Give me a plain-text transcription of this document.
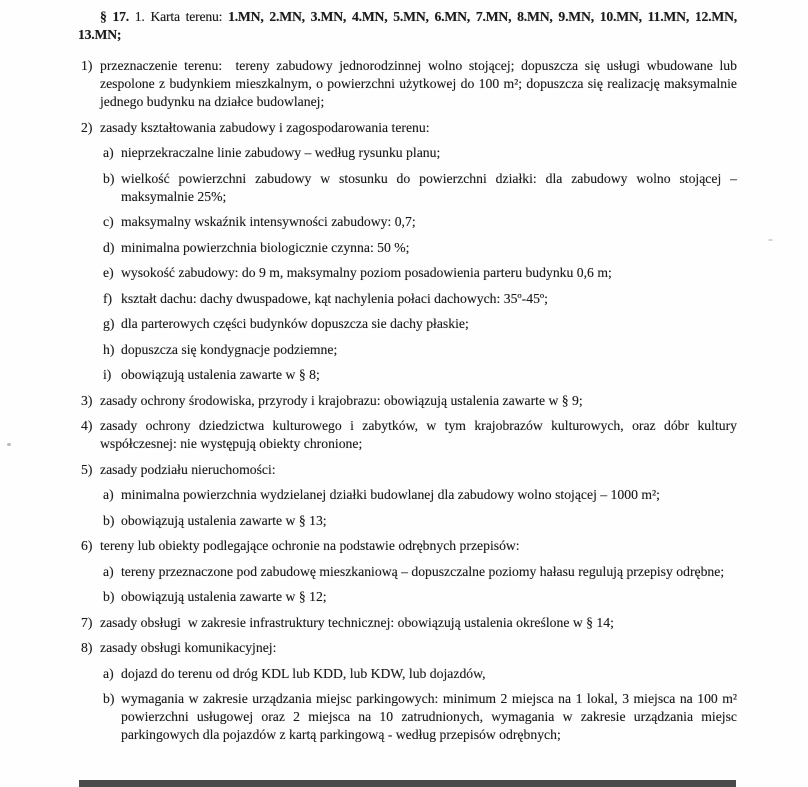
§ 17. 1. Karta terenu: 1.MN, 2.MN, 3.MN, 4.MN, 5.MN, 6.MN, 7.MN, 8.MN, 9.MN, 10.MN, 11.MN, 12.MN, 13.MN;

1) przeznaczenie terenu:  tereny zabudowy jednorodzinnej wolno stojącej; dopuszcza się usługi wbudowane lub zespolone z budynkiem mieszkalnym, o powierzchni użytkowej do 100 m²; dopuszcza się realizację maksymalnie jednego budynku na działce budowlanej;
2) zasady kształtowania zabudowy i zagospodarowania terenu:
a) nieprzekraczalne linie zabudowy – według rysunku planu;
b) wielkość powierzchni zabudowy w stosunku do powierzchni działki: dla zabudowy wolno stojącej – maksymalnie 25%;
c) maksymalny wskaźnik intensywności zabudowy: 0,7;
d) minimalna powierzchnia biologicznie czynna: 50 %;
e) wysokość zabudowy: do 9 m, maksymalny poziom posadowienia parteru budynku 0,6 m;
f) kształt dachu: dachy dwuspadowe, kąt nachylenia połaci dachowych: 35º-45º;
g) dla parterowych części budynków dopuszcza sie dachy płaskie;
h) dopuszcza się kondygnacje podziemne;
i) obowiązują ustalenia zawarte w § 8;
3) zasady ochrony środowiska, przyrody i krajobrazu: obowiązują ustalenia zawarte w § 9;
4) zasady ochrony dziedzictwa kulturowego i zabytków, w tym krajobrazów kulturowych, oraz dóbr kultury współczesnej: nie występują obiekty chronione;
5) zasady podziału nieruchomości:
a) minimalna powierzchnia wydzielanej działki budowlanej dla zabudowy wolno stojącej – 1000 m²;
b) obowiązują ustalenia zawarte w § 13;
6) tereny lub obiekty podlegające ochronie na podstawie odrębnych przepisów:
a) tereny przeznaczone pod zabudowę mieszkaniową – dopuszczalne poziomy hałasu regulują przepisy odrębne;
b) obowiązują ustalenia zawarte w § 12;
7) zasady obsługi  w zakresie infrastruktury technicznej: obowiązują ustalenia określone w § 14;
8) zasady obsługi komunikacyjnej:
a) dojazd do terenu od dróg KDL lub KDD, lub KDW, lub dojazdów,
b) wymagania w zakresie urządzania miejsc parkingowych: minimum 2 miejsca na 1 lokal, 3 miejsca na 100 m² powierzchni usługowej oraz 2 miejsca na 10 zatrudnionych, wymagania w zakresie urządzania miejsc parkingowych dla pojazdów z kartą parkingową - według przepisów odrębnych;
